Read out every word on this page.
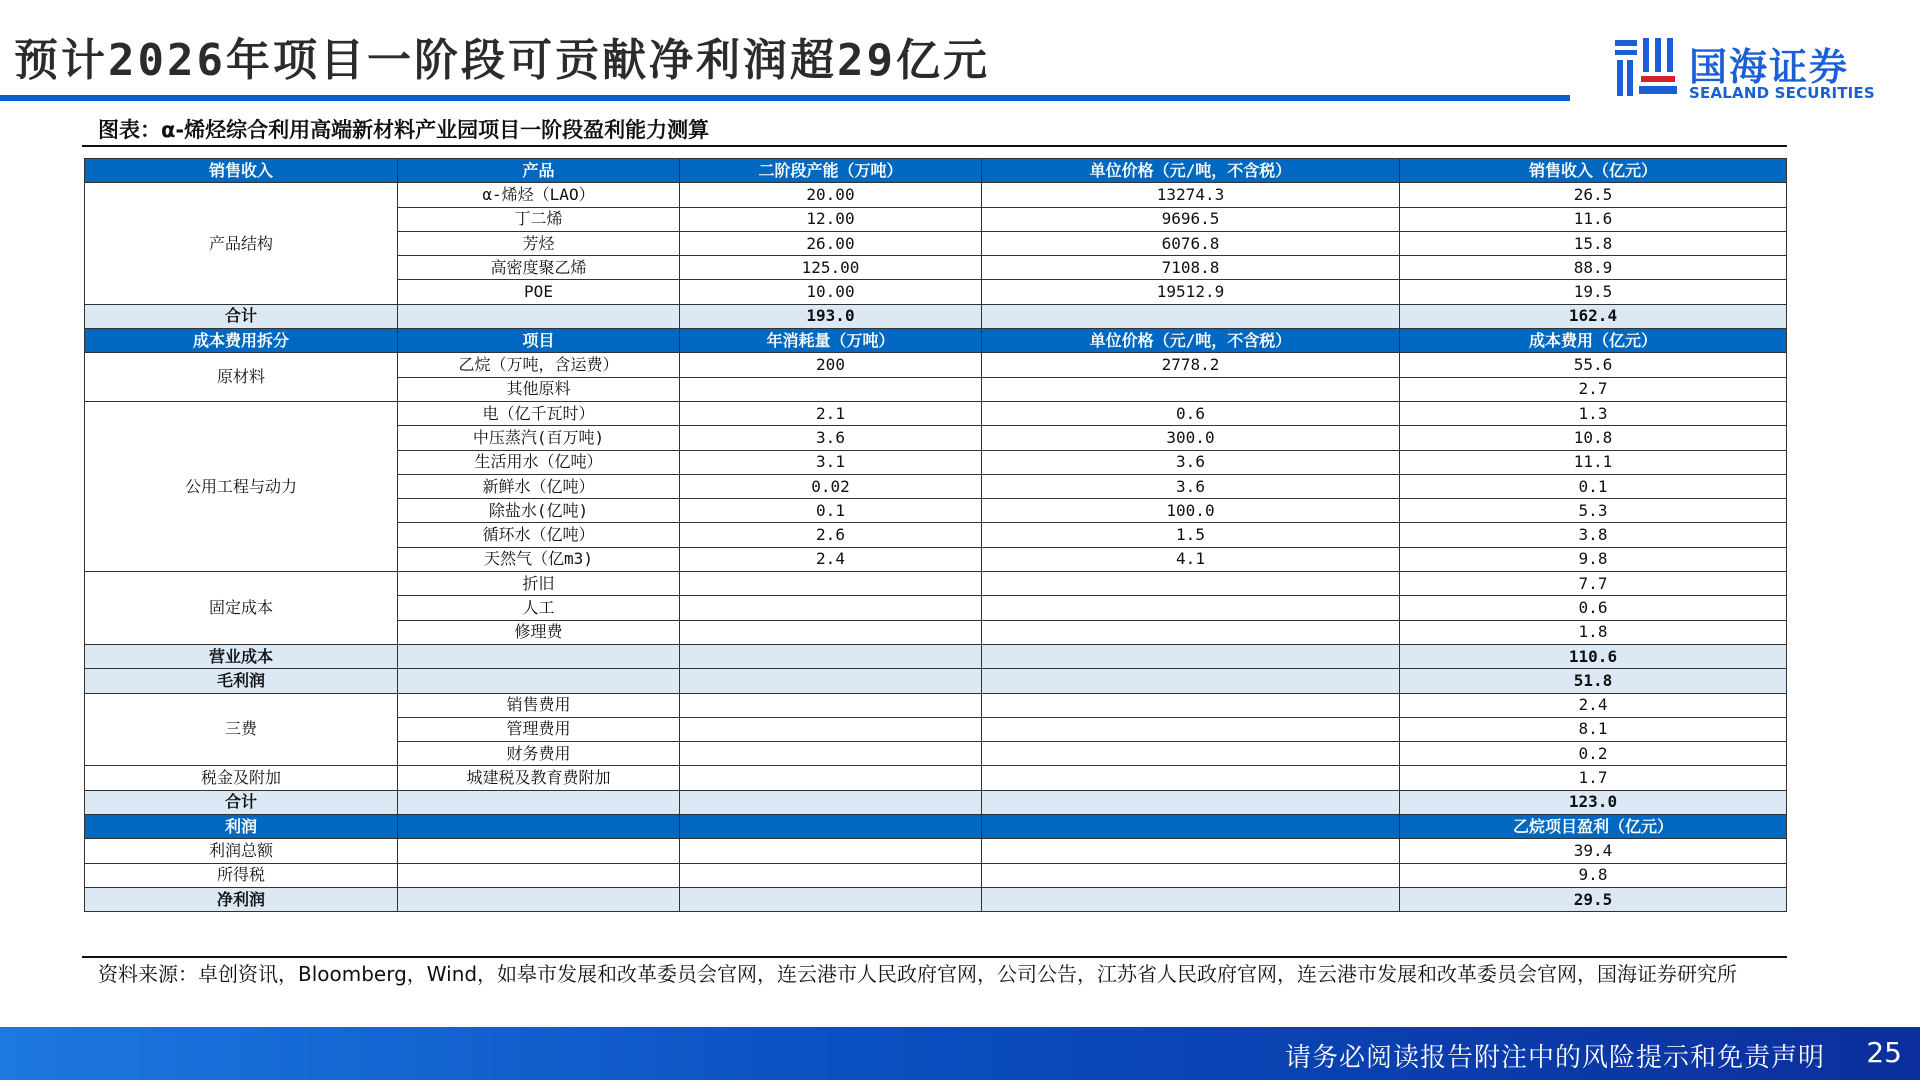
预计2026年项目一阶段可贡献净利润超29亿元	国海证券
SEALAND SECURITIES
图表：α-烯烃综合利用高端新材料产业园项目一阶段盈利能力测算
销售收入	产品	二阶段产能（万吨）	单位价格（元/吨，不含税）	销售收入（亿元）
产品结构	α-烯烃（LAO）	20.00	13274.3	26.5
	丁二烯	12.00	9696.5	11.6
	芳烃	26.00	6076.8	15.8
	高密度聚乙烯	125.00	7108.8	88.9
	POE	10.00	19512.9	19.5
合计		193.0		162.4
成本费用拆分	项目	年消耗量（万吨）	单位价格（元/吨，不含税）	成本费用（亿元）
原材料	乙烷（万吨，含运费）	200	2778.2	55.6
	其他原料			2.7
公用工程与动力	电（亿千瓦时）	2.1	0.6	1.3
	中压蒸汽(百万吨)	3.6	300.0	10.8
	生活用水（亿吨）	3.1	3.6	11.1
	新鲜水（亿吨）	0.02	3.6	0.1
	除盐水(亿吨)	0.1	100.0	5.3
	循环水（亿吨）	2.6	1.5	3.8
	天然气（亿m3)	2.4	4.1	9.8
固定成本	折旧			7.7
	人工			0.6
	修理费			1.8
营业成本				110.6
毛利润				51.8
三费	销售费用			2.4
	管理费用			8.1
	财务费用			0.2
税金及附加	城建税及教育费附加			1.7
合计				123.0
利润				乙烷项目盈利（亿元）
利润总额				39.4
所得税				9.8
净利润				29.5
资料来源：卓创资讯，Bloomberg，Wind，如皋市发展和改革委员会官网，连云港市人民政府官网，公司公告，江苏省人民政府官网，连云港市发展和改革委员会官网，国海证券研究所
请务必阅读报告附注中的风险提示和免责声明 25
